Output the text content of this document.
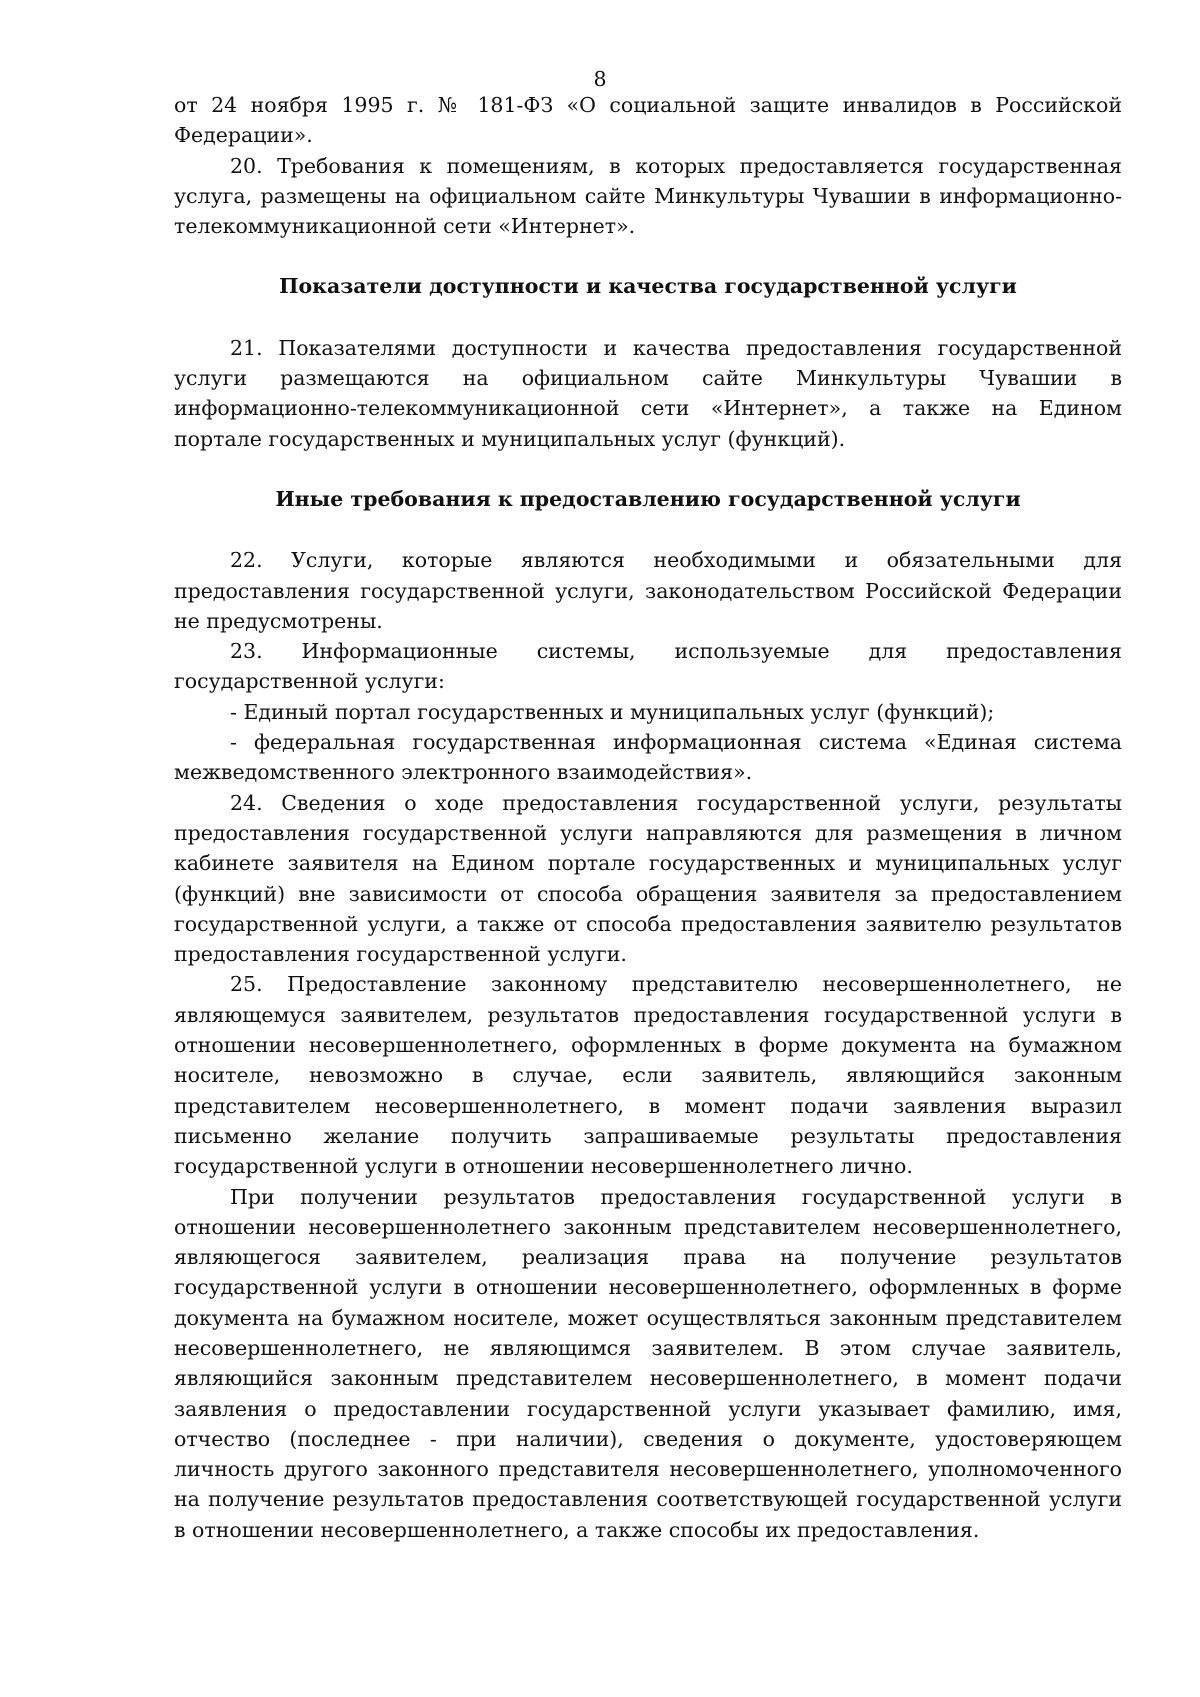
8

от 24 ноября 1995 г. № 181-ФЗ «О социальной защите инвалидов в Российской Федерации».

20. Требования к помещениям, в которых предоставляется государственная услуга, размещены на официальном сайте Минкультуры Чувашии в информационно-телекоммуникационной сети «Интернет».

Показатели доступности и качества государственной услуги

21. Показателями доступности и качества предоставления государственной услуги размещаются на официальном сайте Минкультуры Чувашии в информационно-телекоммуникационной сети «Интернет», а также на Едином портале государственных и муниципальных услуг (функций).

Иные требования к предоставлению государственной услуги

22. Услуги, которые являются необходимыми и обязательными для предоставления государственной услуги, законодательством Российской Федерации не предусмотрены.

23. Информационные системы, используемые для предоставления государственной услуги:

- Единый портал государственных и муниципальных услуг (функций);

- федеральная государственная информационная система «Единая система межведомственного электронного взаимодействия».

24. Сведения о ходе предоставления государственной услуги, результаты предоставления государственной услуги направляются для размещения в личном кабинете заявителя на Едином портале государственных и муниципальных услуг (функций) вне зависимости от способа обращения заявителя за предоставлением государственной услуги, а также от способа предоставления заявителю результатов предоставления государственной услуги.

25. Предоставление законному представителю несовершеннолетнего, не являющемуся заявителем, результатов предоставления государственной услуги в отношении несовершеннолетнего, оформленных в форме документа на бумажном носителе, невозможно в случае, если заявитель, являющийся законным представителем несовершеннолетнего, в момент подачи заявления выразил письменно желание получить запрашиваемые результаты предоставления государственной услуги в отношении несовершеннолетнего лично.

При получении результатов предоставления государственной услуги в отношении несовершеннолетнего законным представителем несовершеннолетнего, являющегося заявителем, реализация права на получение результатов государственной услуги в отношении несовершеннолетнего, оформленных в форме документа на бумажном носителе, может осуществляться законным представителем несовершеннолетнего, не являющимся заявителем. В этом случае заявитель, являющийся законным представителем несовершеннолетнего, в момент подачи заявления о предоставлении государственной услуги указывает фамилию, имя, отчество (последнее - при наличии), сведения о документе, удостоверяющем личность другого законного представителя несовершеннолетнего, уполномоченного на получение результатов предоставления соответствующей государственной услуги в отношении несовершеннолетнего, а также способы их предоставления.
